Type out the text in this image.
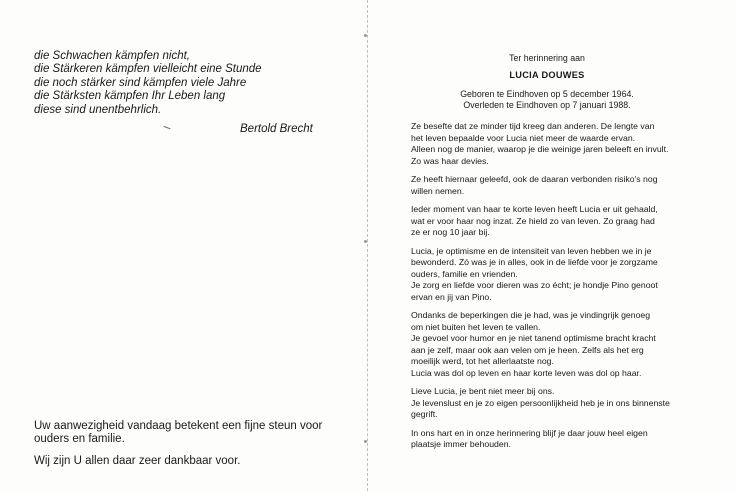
die Schwachen kämpfen nicht,
die Stärkeren kämpfen vielleicht eine Stunde
die noch stärker sind kämpfen viele Jahre
die Stärksten kämpfen Ihr Leben lang
diese sind unentbehrlich.
Bertold Brecht

Uw aanwezigheid vandaag betekent een fijne steun voor ouders en familie.

Wij zijn U allen daar zeer dankbaar voor.

Ter herinnering aan
LUCIA DOUWES
Geboren te Eindhoven op 5 december 1964.
Overleden te Eindhoven op 7 januari 1988.
Ze besefte dat ze minder tijd kreeg dan anderen. De lengte van
het leven bepaalde voor Lucia niet meer de waarde ervan.
Alleen nog de manier, waarop je die weinige jaren beleeft en invult.
Zo was haar devies.
Ze heeft hiernaar geleefd, ook de daaran verbonden risiko's nog
willen nemen.
Ieder moment van haar te korte leven heeft Lucia er uit gehaald,
wat er voor haar nog inzat. Ze hield zo van leven. Zo graag had
ze er nog 10 jaar bij.
Lucia, je optimisme en de intensiteit van leven hebben we in je
bewonderd. Zó was je in alles, ook in de liefde voor je zorgzame
ouders, familie en vrienden.
Je zorg en liefde voor dieren was zo écht; je hondje Pino genoot
ervan en jij van Pino.
Ondanks de beperkingen die je had, was je vindingrijk genoeg
om niet buiten het leven te vallen.
Je gevoel voor humor en je niet tanend optimisme bracht kracht
aan je zelf, maar ook aan velen om je heen. Zelfs als het erg
moeilijk werd, tot het allerlaatste nog.
Lucia was dol op leven en haar korte leven was dol op haar.
Lieve Lucia, je bent niet meer bij ons.
Je levenslust en je zo eigen persoonlijkheid heb je in ons binnenste
gegrift.
In ons hart en in onze herinnering blijf je daar jouw heel eigen
plaatsje immer behouden.
